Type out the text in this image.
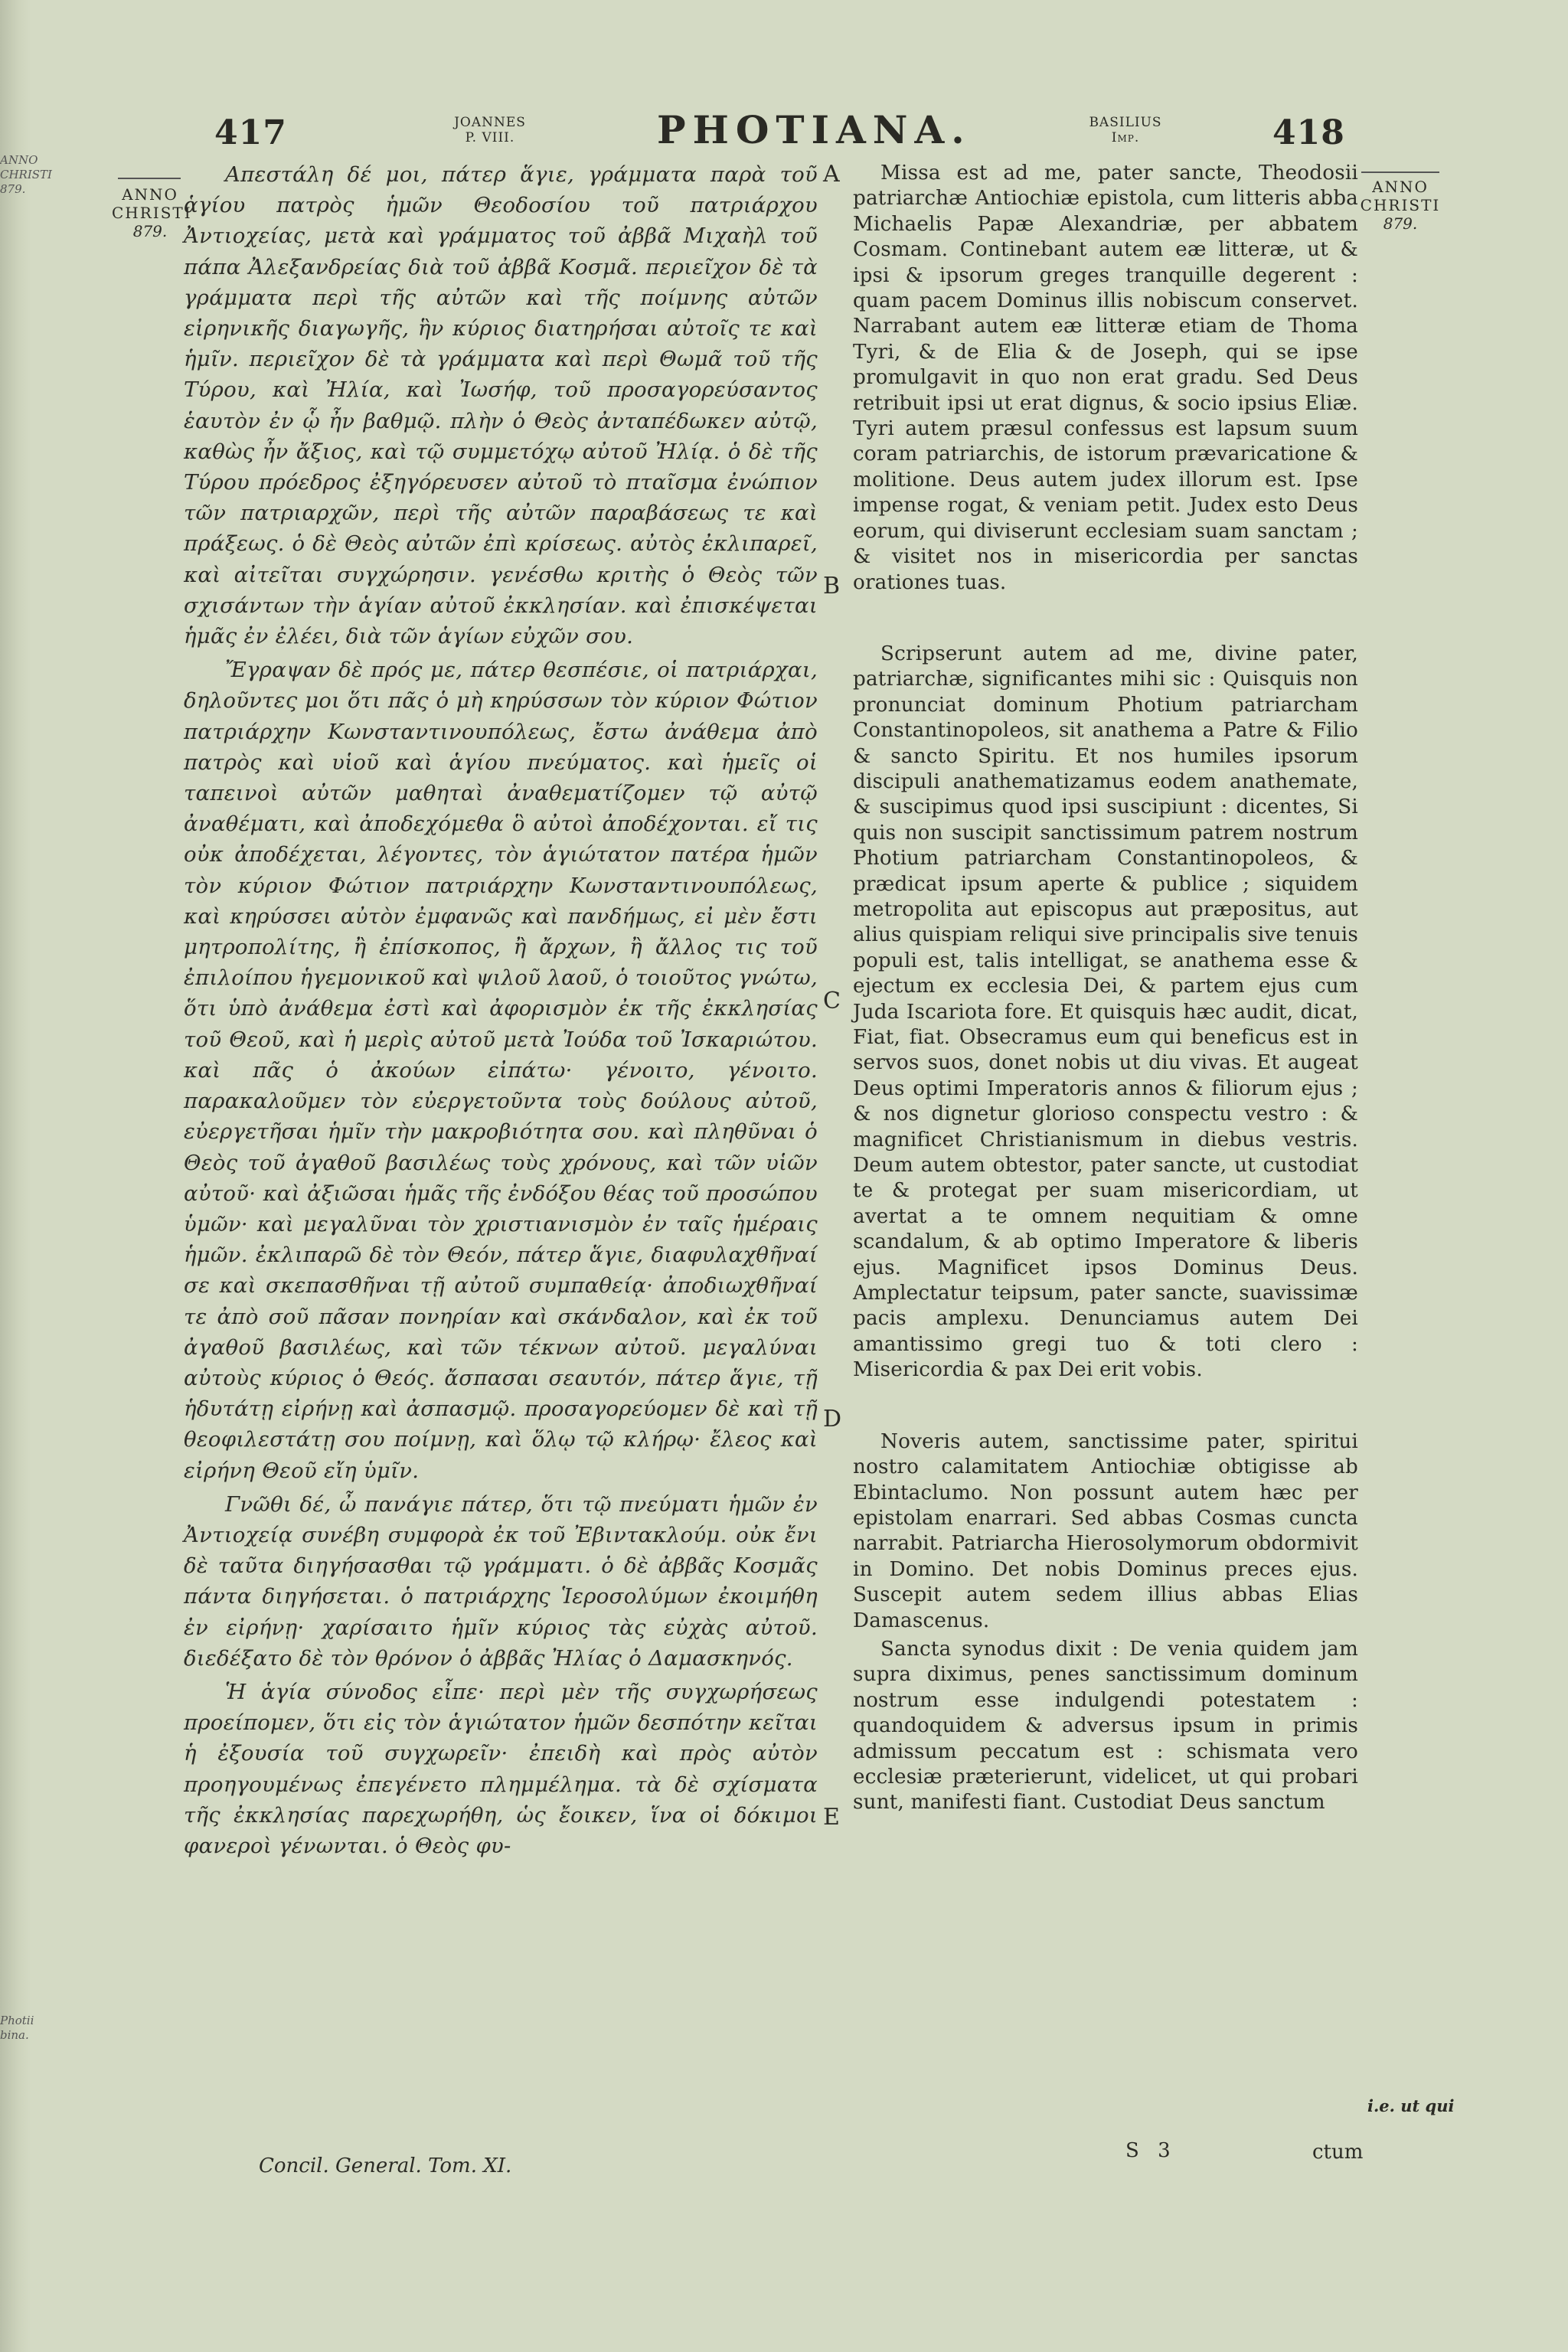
ANNO CHRISTI 879.
Photii bina.
417	JOANNES
P. VIII.	PHOTIANA.	BASILIUS
Imp.	418
ANNO
CHRISTI
879.
ANNO
CHRISTI
879.
A
B
C
D
E

Απεστάλη δέ μοι, πάτερ ἅγιε, γράμματα παρὰ τοῦ ἁγίου πατρὸς ἡμῶν Θεοδοσίου τοῦ πατριάρχου Ἀντιοχείας, μετὰ καὶ γράμματος τοῦ ἀββᾶ Μιχαὴλ τοῦ πάπα Ἀλεξανδρείας διὰ τοῦ ἀββᾶ Κοσμᾶ. περιεῖχον δὲ τὰ γράμματα περὶ τῆς αὐτῶν καὶ τῆς ποίμνης αὐτῶν εἰρηνικῆς διαγωγῆς, ἣν κύριος διατηρήσαι αὐτοῖς τε καὶ ἡμῖν. περιεῖχον δὲ τὰ γράμματα καὶ περὶ Θωμᾶ τοῦ τῆς Τύρου, καὶ Ἠλία, καὶ Ἰωσήφ, τοῦ προσαγορεύσαντος ἑαυτὸν ἐν ᾧ ἦν βαθμῷ. πλὴν ὁ Θεὸς ἀνταπέδωκεν αὐτῷ, καθὼς ἦν ἄξιος, καὶ τῷ συμμετόχῳ αὐτοῦ Ἠλίᾳ. ὁ δὲ τῆς Τύρου πρόεδρος ἐξηγόρευσεν αὐτοῦ τὸ πταῖσμα ἐνώπιον τῶν πατριαρχῶν, περὶ τῆς αὐτῶν παραβάσεως τε καὶ πράξεως. ὁ δὲ Θεὸς αὐτῶν ἐπὶ κρίσεως. αὐτὸς ἐκλιπαρεῖ, καὶ αἰτεῖται συγχώρησιν. γενέσθω κριτὴς ὁ Θεὸς τῶν σχισάντων τὴν ἁγίαν αὐτοῦ ἐκκλησίαν. καὶ ἐπισκέψεται ἡμᾶς ἐν ἐλέει, διὰ τῶν ἁγίων εὐχῶν σου.

Ἔγραψαν δὲ πρός με, πάτερ θεσπέσιε, οἱ πατριάρχαι, δηλοῦντες μοι ὅτι πᾶς ὁ μὴ κηρύσσων τὸν κύριον Φώτιον πατριάρχην Κωνσταντινουπόλεως, ἔστω ἀνάθεμα ἀπὸ πατρὸς καὶ υἱοῦ καὶ ἁγίου πνεύματος. καὶ ἡμεῖς οἱ ταπεινοὶ αὐτῶν μαθηταὶ ἀναθεματίζομεν τῷ αὐτῷ ἀναθέματι, καὶ ἀποδεχόμεθα ὃ αὐτοὶ ἀποδέχονται. εἴ τις οὐκ ἀποδέχεται, λέγοντες, τὸν ἁγιώτατον πατέρα ἡμῶν τὸν κύριον Φώτιον πατριάρχην Κωνσταντινουπόλεως, καὶ κηρύσσει αὐτὸν ἐμφανῶς καὶ πανδήμως, εἰ μὲν ἔστι μητροπολίτης, ἢ ἐπίσκοπος, ἢ ἄρχων, ἢ ἄλλος τις τοῦ ἐπιλοίπου ἡγεμονικοῦ καὶ ψιλοῦ λαοῦ, ὁ τοιοῦτος γνώτω, ὅτι ὑπὸ ἀνάθεμα ἐστὶ καὶ ἀφορισμὸν ἐκ τῆς ἐκκλησίας τοῦ Θεοῦ, καὶ ἡ μερὶς αὐτοῦ μετὰ Ἰούδα τοῦ Ἰσκαριώτου. καὶ πᾶς ὁ ἀκούων εἰπάτω· γένοιτο, γένοιτο. παρακαλοῦμεν τὸν εὐεργετοῦντα τοὺς δούλους αὐτοῦ, εὐεργετῆσαι ἡμῖν τὴν μακροβιότητα σου. καὶ πληθῦναι ὁ Θεὸς τοῦ ἀγαθοῦ βασιλέως τοὺς χρόνους, καὶ τῶν υἱῶν αὐτοῦ· καὶ ἀξιῶσαι ἡμᾶς τῆς ἐνδόξου θέας τοῦ προσώπου ὑμῶν· καὶ μεγαλῦναι τὸν χριστιανισμὸν ἐν ταῖς ἡμέραις ἡμῶν. ἐκλιπαρῶ δὲ τὸν Θεόν, πάτερ ἅγιε, διαφυλαχθῆναί σε καὶ σκεπασθῆναι τῇ αὐτοῦ συμπαθείᾳ· ἀποδιωχθῆναί τε ἀπὸ σοῦ πᾶσαν πονηρίαν καὶ σκάνδαλον, καὶ ἐκ τοῦ ἀγαθοῦ βασιλέως, καὶ τῶν τέκνων αὐτοῦ. μεγαλύναι αὐτοὺς κύριος ὁ Θεός. ἄσπασαι σεαυτόν, πάτερ ἅγιε, τῇ ἡδυτάτῃ εἰρήνῃ καὶ ἀσπασμῷ. προσαγορεύομεν δὲ καὶ τῇ θεοφιλεστάτῃ σου ποίμνῃ, καὶ ὅλῳ τῷ κλήρῳ· ἔλεος καὶ εἰρήνη Θεοῦ εἴη ὑμῖν.

Γνῶθι δέ, ὦ πανάγιε πάτερ, ὅτι τῷ πνεύματι ἡμῶν ἐν Ἀντιοχείᾳ συνέβη συμφορὰ ἐκ τοῦ Ἐβιντακλούμ. οὐκ ἔνι δὲ ταῦτα διηγήσασθαι τῷ γράμματι. ὁ δὲ ἀββᾶς Κοσμᾶς πάντα διηγήσεται. ὁ πατριάρχης Ἱεροσολύμων ἐκοιμήθη ἐν εἰρήνῃ· χαρίσαιτο ἡμῖν κύριος τὰς εὐχὰς αὐτοῦ. διεδέξατο δὲ τὸν θρόνον ὁ ἀββᾶς Ἠλίας ὁ Δαμασκηνός.

Ἡ ἁγία σύνοδος εἶπε· περὶ μὲν τῆς συγχωρήσεως προείπομεν, ὅτι εἰς τὸν ἁγιώτατον ἡμῶν δεσπότην κεῖται ἡ ἐξουσία τοῦ συγχωρεῖν· ἐπειδὴ καὶ πρὸς αὐτὸν προηγουμένως ἐπεγένετο πλημμέλημα. τὰ δὲ σχίσματα τῆς ἐκκλησίας παρεχωρήθη, ὡς ἔοικεν, ἵνα οἱ δόκιμοι φανεροὶ γένωνται. ὁ Θεὸς φυ-

Missa est ad me, pater sancte, Theodosii patriarchæ Antiochiæ epistola, cum litteris abba Michaelis Papæ Alexandriæ, per abbatem Cosmam. Continebant autem eæ litteræ, ut & ipsi & ipsorum greges tranquille degerent : quam pacem Dominus illis nobiscum conservet. Narrabant autem eæ litteræ etiam de Thoma Tyri, & de Elia & de Joseph, qui se ipse promulgavit in quo non erat gradu. Sed Deus retribuit ipsi ut erat dignus, & socio ipsius Eliæ. Tyri autem præsul confessus est lapsum suum coram patriarchis, de istorum prævaricatione & molitione. Deus autem judex illorum est. Ipse impense rogat, & veniam petit. Judex esto Deus eorum, qui diviserunt ecclesiam suam sanctam ; & visitet nos in misericordia per sanctas orationes tuas.

Scripserunt autem ad me, divine pater, patriarchæ, significantes mihi sic : Quisquis non pronunciat dominum Photium patriarcham Constantinopoleos, sit anathema a Patre & Filio & sancto Spiritu. Et nos humiles ipsorum discipuli anathematizamus eodem anathemate, & suscipimus quod ipsi suscipiunt : dicentes, Si quis non suscipit sanctissimum patrem nostrum Photium patriarcham Constantinopoleos, & prædicat ipsum aperte & publice ; siquidem metropolita aut episcopus aut præpositus, aut alius quispiam reliqui sive principalis sive tenuis populi est, talis intelligat, se anathema esse & ejectum ex ecclesia Dei, & partem ejus cum Juda Iscariota fore. Et quisquis hæc audit, dicat, Fiat, fiat. Obsecramus eum qui beneficus est in servos suos, donet nobis ut diu vivas. Et augeat Deus optimi Imperatoris annos & filiorum ejus ; & nos dignetur glorioso conspectu vestro : & magnificet Christianismum in diebus vestris. Deum autem obtestor, pater sancte, ut custodiat te & protegat per suam misericordiam, ut avertat a te omnem nequitiam & omne scandalum, & ab optimo Imperatore & liberis ejus. Magnificet ipsos Dominus Deus. Amplectatur teipsum, pater sancte, suavissimæ pacis amplexu. Denunciamus autem Dei amantissimo gregi tuo & toti clero : Misericordia & pax Dei erit vobis.

Noveris autem, sanctissime pater, spiritui nostro calamitatem Antiochiæ obtigisse ab Ebintaclumo. Non possunt autem hæc per epistolam enarrari. Sed abbas Cosmas cuncta narrabit. Patriarcha Hierosolymorum obdormivit in Domino. Det nobis Dominus preces ejus. Suscepit autem sedem illius abbas Elias Damascenus.

Sancta synodus dixit : De venia quidem jam supra diximus, penes sanctissimum dominum nostrum esse indulgendi potestatem : quandoquidem & adversus ipsum in primis admissum peccatum est : schismata vero ecclesiæ præterierunt, videlicet, ut qui probari sunt, manifesti fiant. Custodiat Deus sanctum

i.e. ut qui
Concil. General. Tom. XI.
S 3	ctum
